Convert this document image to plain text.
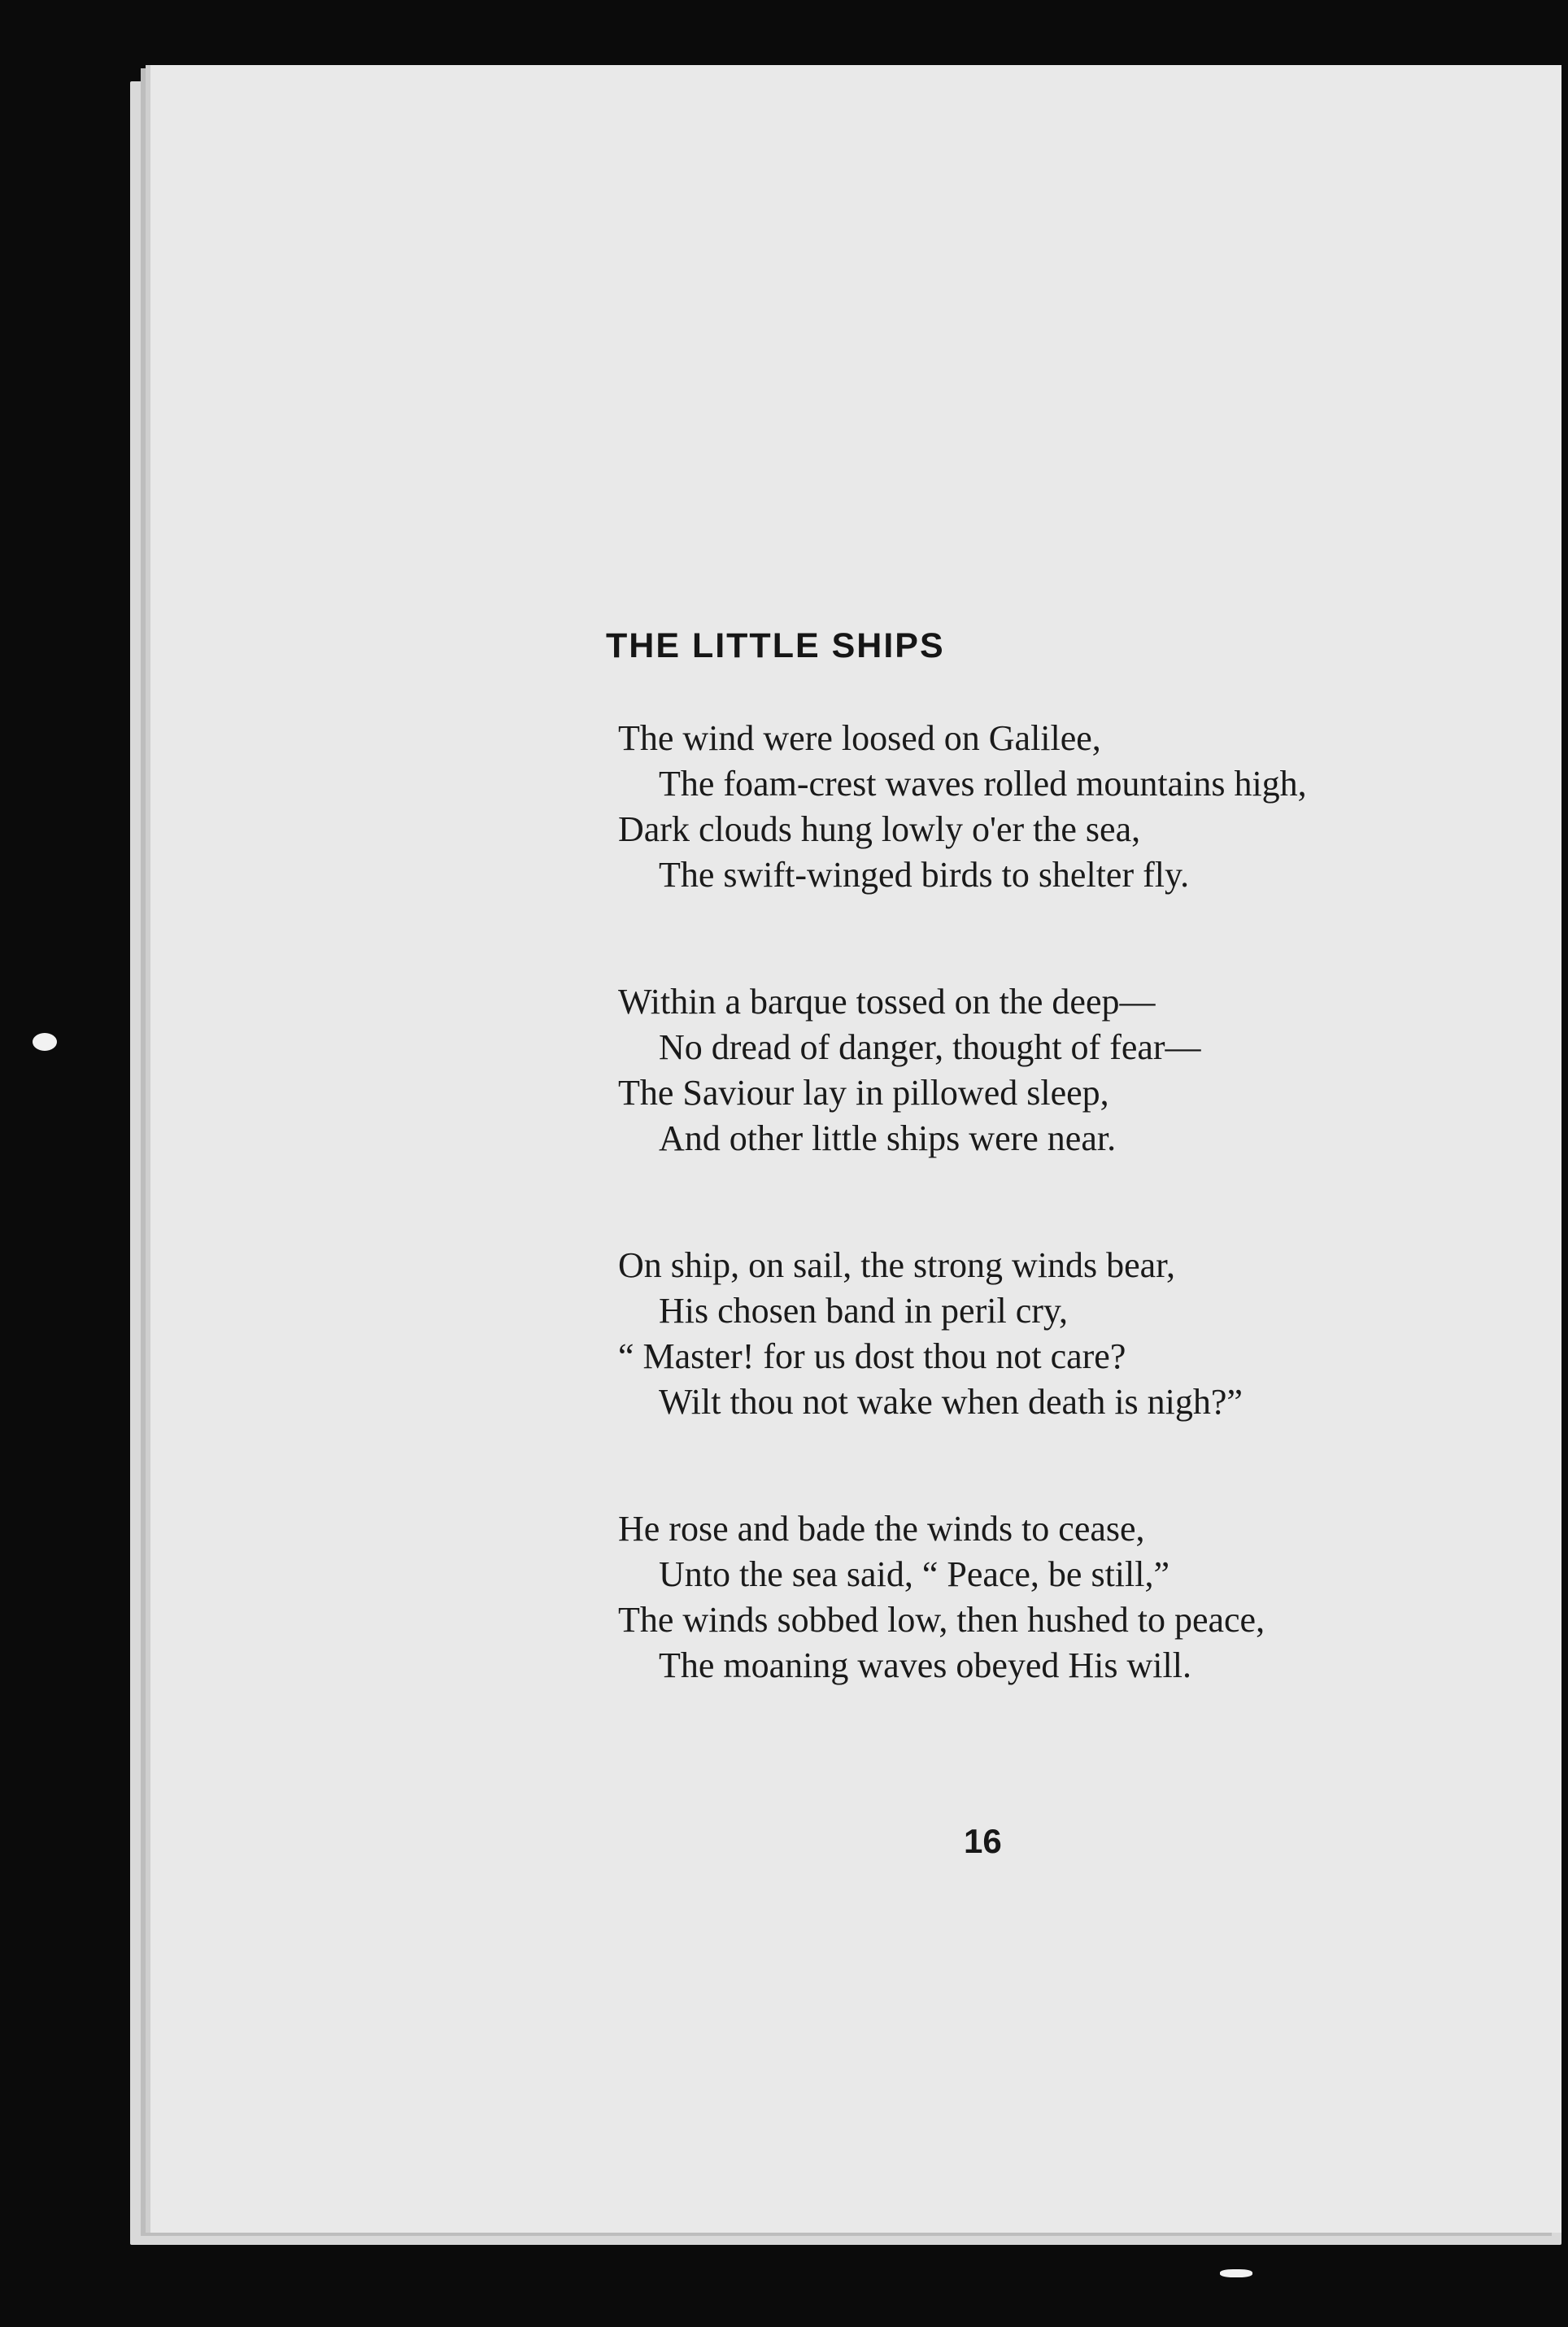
THE LITTLE SHIPS
The wind were loosed on Galilee,
The foam-crest waves rolled mountains high,
Dark clouds hung lowly o'er the sea,
The swift-winged birds to shelter fly.
Within a barque tossed on the deep—
No dread of danger, thought of fear—
The Saviour lay in pillowed sleep,
And other little ships were near.
On ship, on sail, the strong winds bear,
His chosen band in peril cry,
“ Master! for us dost thou not care?
Wilt thou not wake when death is nigh?”
He rose and bade the winds to cease,
Unto the sea said, “ Peace, be still,”
The winds sobbed low, then hushed to peace,
The moaning waves obeyed His will.
16
